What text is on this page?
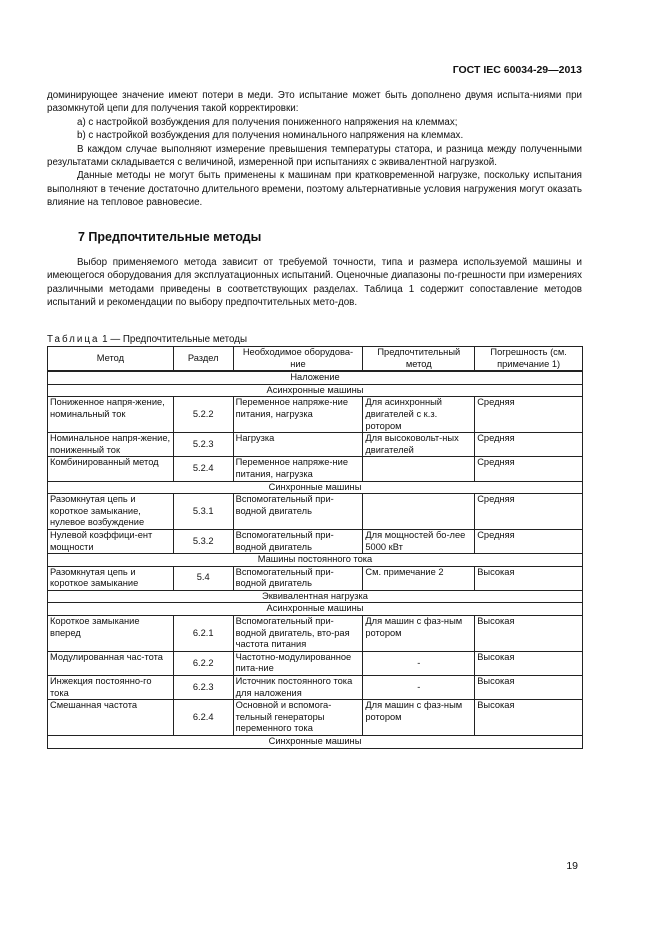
ГОСТ IEC 60034-29—2013

доминирующее значение имеют потери в меди. Это испытание может быть дополнено двумя испыта-ниями при разомкнутой цепи для получения такой корректировки:

а) с настройкой возбуждения для получения пониженного напряжения на клеммах;

b) с настройкой возбуждения для получения номинального напряжения на клеммах.

В каждом случае выполняют измерение превышения температуры статора, и разница между полученными результатами складывается с величиной, измеренной при испытаниях с эквивалентной нагрузкой.

Данные методы не могут быть применены к машинам при кратковременной нагрузке, поскольку испытания выполняют в течение достаточно длительного времени, поэтому альтернативные условия нагружения могут оказать влияние на тепловое равновесие.

7 Предпочтительные методы

Выбор применяемого метода зависит от требуемой точности, типа и размера используемой машины и имеющегося оборудования для эксплуатационных испытаний. Оценочные диапазоны по-грешности при измерениях различными методами приведены в соответствующих разделах. Таблица 1 содержит сопоставление методов испытаний и рекомендации по выбору предпочтительных мето-дов.

Таблица 1 — Предпочтительные методы
Метод	Раздел	Необходимое оборудова-ние	Предпочтительный метод	Погрешность (см. примечание 1)
Наложение				
Асинхронные машины				
Пониженное напря-жение, номинальный ток	5.2.2	Переменное напряже-ние питания, нагрузка	Для асинхронный двигателей с к.з. ротором	Средняя
Номинальное напря-жение, пониженный ток	5.2.3	Нагрузка	Для высоковольт-ных двигателей	Средняя
Комбинированный метод	5.2.4	Переменное напряже-ние питания, нагрузка		Средняя
Синхронные машины				
Разомкнутая цепь и короткое замыкание, нулевое возбуждение	5.3.1	Вспомогательный при-водной двигатель		Средняя
Нулевой коэффици-ент мощности	5.3.2	Вспомогательный при-водной двигатель	Для мощностей бо-лее 5000 кВт	Средняя
Машины постоянного тока				
Разомкнутая цепь и короткое замыкание	5.4	Вспомогательный при-водной двигатель	См. примечание 2	Высокая
Эквивалентная нагрузка				
Асинхронные машины				
Короткое замыкание вперед	6.2.1	Вспомогательный при-водной двигатель, вто-рая частота питания	Для машин с фаз-ным ротором	Высокая
Модулированная час-тота	6.2.2	Частотно-модулированное пита-ние	-	Высокая
Инжекция постоянно-го тока	6.2.3	Источник постоянного тока для наложения	-	Высокая
Смешанная частота	6.2.4	Основной и вспомога-тельный генераторы переменного тока	Для машин с фаз-ным ротором	Высокая
Синхронные машины				
19
